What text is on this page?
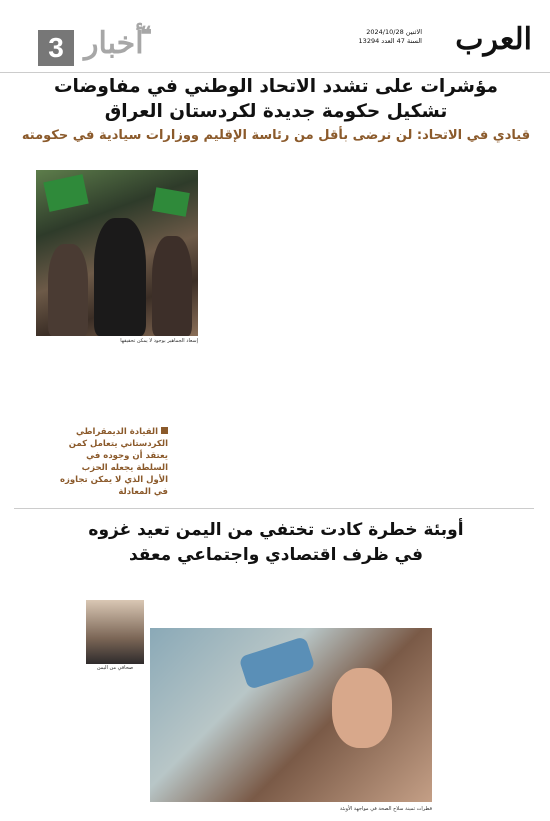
العرب
الاثنين 2024/10/28
السنة 47 العدد 13294
❝
أخبار
3
مؤشرات على تشدد الاتحاد الوطني في مفاوضات
تشكيل حكومة جديدة لكردستان العراق
قيادي في الاتحاد: لن نرضى بأقل من رئاسة الإقليم ووزارات سيادية في حكومته
إسعاد الجماهير بوجود لا يمكن تحقيقها

القيادة الديمقراطي الكردستاني يتعامل كمن يعتقد أن وجوده في السلطة يجعله الحزب الأول الذي لا يمكن تجاوزه في المعادلة
أوبئة خطرة كادت تختفي من اليمن تعيد غزوه
في ظرف اقتصادي واجتماعي معقد
صحافي من اليمن
قطرات ثمينة سلاح الصحة في مواجهة الأوبئة
